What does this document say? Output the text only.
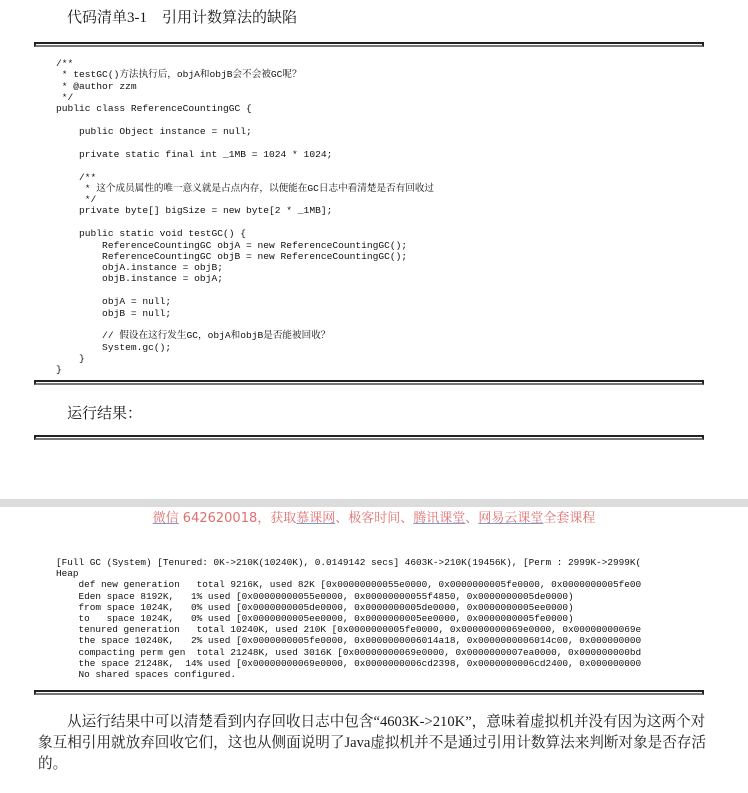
代码清单3-1    引用计数算法的缺陷
/**
* testGC()方法执行后，objA和objB会不会被GC呢？
* @author zzm
*/
public class ReferenceCountingGC {
public Object instance = null;
private static final int _1MB = 1024 * 1024;
/**
* 这个成员属性的唯一意义就是占点内存，以便能在GC日志中看清楚是否有回收过
*/
private byte[] bigSize = new byte[2 * _1MB];
public static void testGC() {
ReferenceCountingGC objA = new ReferenceCountingGC();
ReferenceCountingGC objB = new ReferenceCountingGC();
objA.instance = objB;
objB.instance = objA;
objA = null;
objB = null;
// 假设在这行发生GC，objA和objB是否能被回收？
System.gc();
}
}
运行结果：
微信 642620018，获取慕课网、极客时间、腾讯课堂、网易云课堂全套课程
[Full GC (System) [Tenured: 0K->210K(10240K), 0.0149142 secs] 4603K->210K(19456K), [Perm : 2999K->2999K(
Heap
def new generation   total 9216K, used 82K [0x00000000055e0000, 0x0000000005fe0000, 0x0000000005fe00
Eden space 8192K,   1% used [0x00000000055e0000, 0x00000000055f4850, 0x0000000005de0000)
from space 1024K,   0% used [0x0000000005de0000, 0x0000000005de0000, 0x0000000005ee0000)
to   space 1024K,   0% used [0x0000000005ee0000, 0x0000000005ee0000, 0x0000000005fe0000)
tenured generation   total 10240K, used 210K [0x0000000005fe0000, 0x00000000069e0000, 0x00000000069e
the space 10240K,   2% used [0x0000000005fe0000, 0x0000000006014a18, 0x0000000006014c00, 0x000000000
compacting perm gen  total 21248K, used 3016K [0x00000000069e0000, 0x0000000007ea0000, 0x000000000bd
the space 21248K,  14% used [0x00000000069e0000, 0x0000000006cd2398, 0x0000000006cd2400, 0x000000000
No shared spaces configured.

从运行结果中可以清楚看到内存回收日志中包含“4603K->210K”，意味着虚拟机并没有因为这两个对象互相引用就放弃回收它们，这也从侧面说明了Java虚拟机并不是通过引用计数算法来判断对象是否存活的。
